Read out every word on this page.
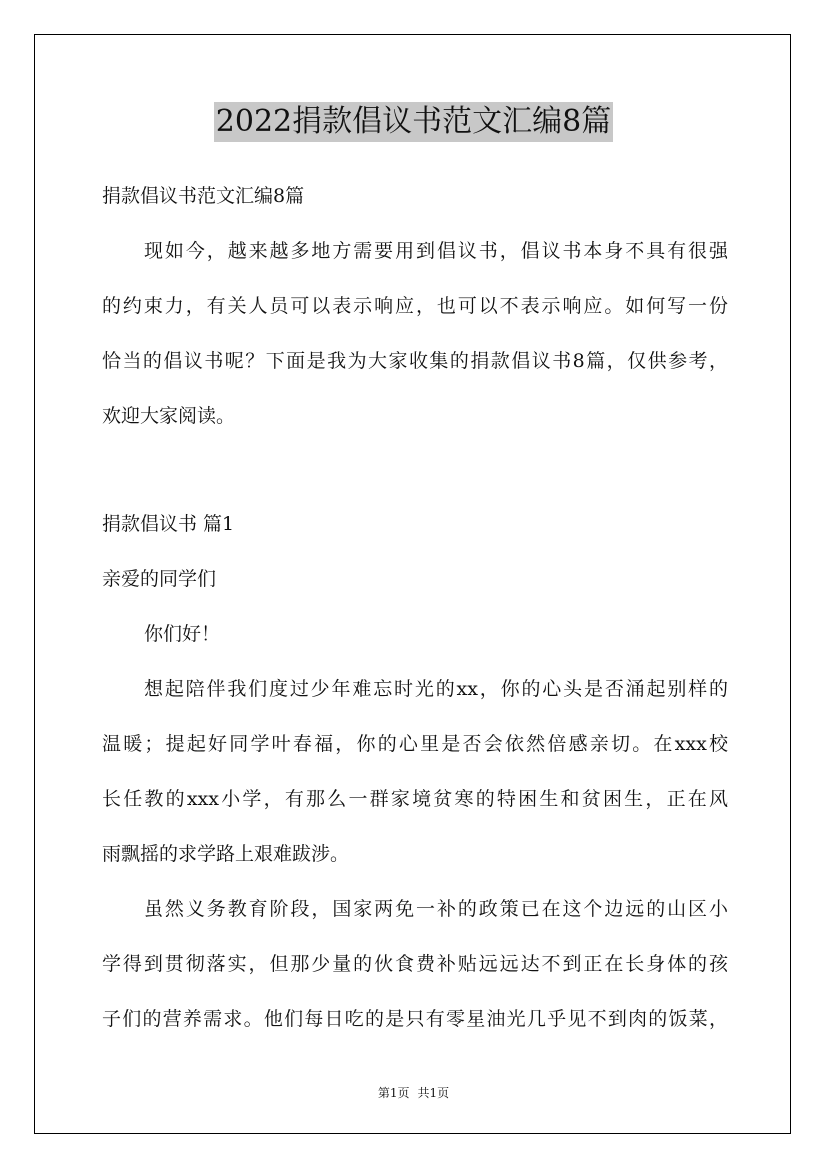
2022捐款倡议书范文汇编8篇
捐款倡议书范文汇编8篇
现如今，越来越多地方需要用到倡议书，倡议书本身不具有很强
的约束力，有关人员可以表示响应，也可以不表示响应。如何写一份
恰当的倡议书呢？下面是我为大家收集的捐款倡议书8篇，仅供参考，
欢迎大家阅读。
捐款倡议书 篇1
亲爱的同学们
你们好！
想起陪伴我们度过少年难忘时光的xx，你的心头是否涌起别样的
温暖；提起好同学叶春福，你的心里是否会依然倍感亲切。在xxx校
长任教的xxx小学，有那么一群家境贫寒的特困生和贫困生，正在风
雨飘摇的求学路上艰难跋涉。
虽然义务教育阶段，国家两免一补的政策已在这个边远的山区小
学得到贯彻落实，但那少量的伙食费补贴远远达不到正在长身体的孩
子们的营养需求。他们每日吃的是只有零星油光几乎见不到肉的饭菜，
第1页 共1页
